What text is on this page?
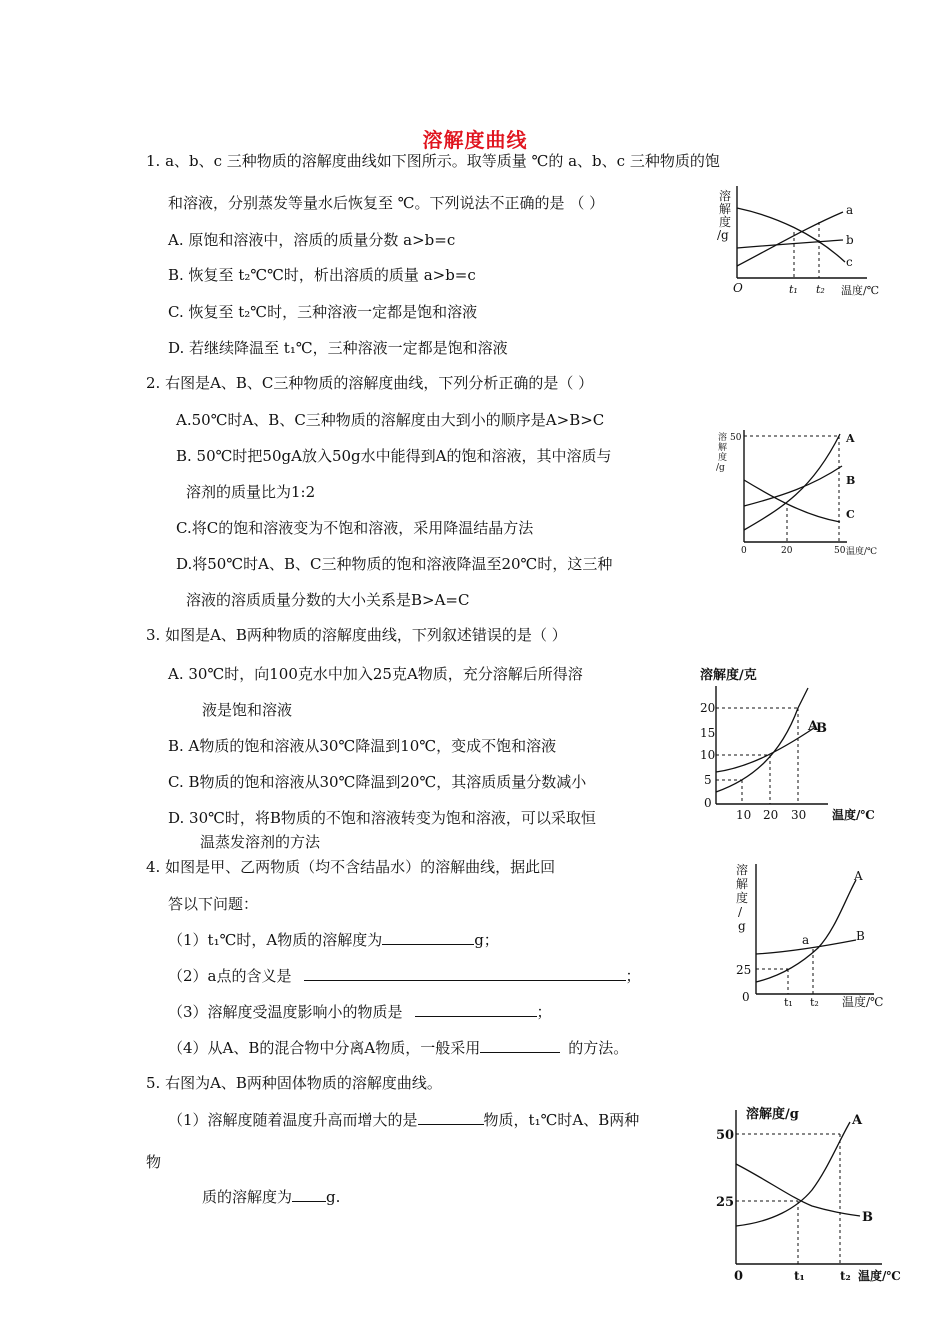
溶解度曲线
1. a、b、c 三种物质的溶解度曲线如下图所示。取等质量 ℃的 a、b、c 三种物质的饱
和溶液，分别蒸发等量水后恢复至 ℃。下列说法不正确的是 （ ）
A. 原饱和溶液中，溶质的质量分数 a>b=c
B. 恢复至 t₂℃℃时，析出溶质的质量 a>b=c
C. 恢复至 t₂℃时，三种溶液一定都是饱和溶液
D. 若继续降温至 t₁℃，三种溶液一定都是饱和溶液
溶解度/g
O	温度/℃
t₁ t₂
a
b
c
2. 右图是A、B、C三种物质的溶解度曲线，下列分析正确的是（ ）
A.50℃时A、B、C三种物质的溶解度由大到小的顺序是A>B>C
B. 50℃时把50gA放入50g水中能得到A的饱和溶液，其中溶质与
溶剂的质量比为1:2
C.将C的饱和溶液变为不饱和溶液，采用降温结晶方法
D.将50℃时A、B、C三种物质的饱和溶液降温至20℃时，这三种
溶液的溶质质量分数的大小关系是B>A=C
溶解度/g
50
0	20	50 温度/℃
A
B
C
3. 如图是A、B两种物质的溶解度曲线，下列叙述错误的是（ ）
A. 30℃时，向100克水中加入25克A物质，充分溶解后所得溶
液是饱和溶液
B. A物质的饱和溶液从30℃降温到10℃，变成不饱和溶液
C. B物质的饱和溶液从30℃降温到20℃，其溶质质量分数减小
D. 30℃时，将B物质的不饱和溶液转变为饱和溶液，可以采取恒
温蒸发溶剂的方法
溶解度/克
20
15
10
5
0
10 20 30 温度/℃
A
B
4. 如图是甲、乙两物质（均不含结晶水）的溶解曲线，据此回
答以下问题：
（1）t₁℃时，A物质的溶解度为	g；
（2）a点的含义是	；
（3）溶解度受温度影响小的物质是	；
（4）从A、B的混合物中分离A物质，一般采用	的方法。
溶解度/ g
25
0	t₁ t₂ 温度/℃
a
A
B
5. 右图为A、B两种固体物质的溶解度曲线。
（1）溶解度随着温度升高而增大的是	物质，t₁℃时A、B两种
物
质的溶解度为 g.
溶解度/g
50
25
0	t₁	t₂ 温度/℃
A
B
